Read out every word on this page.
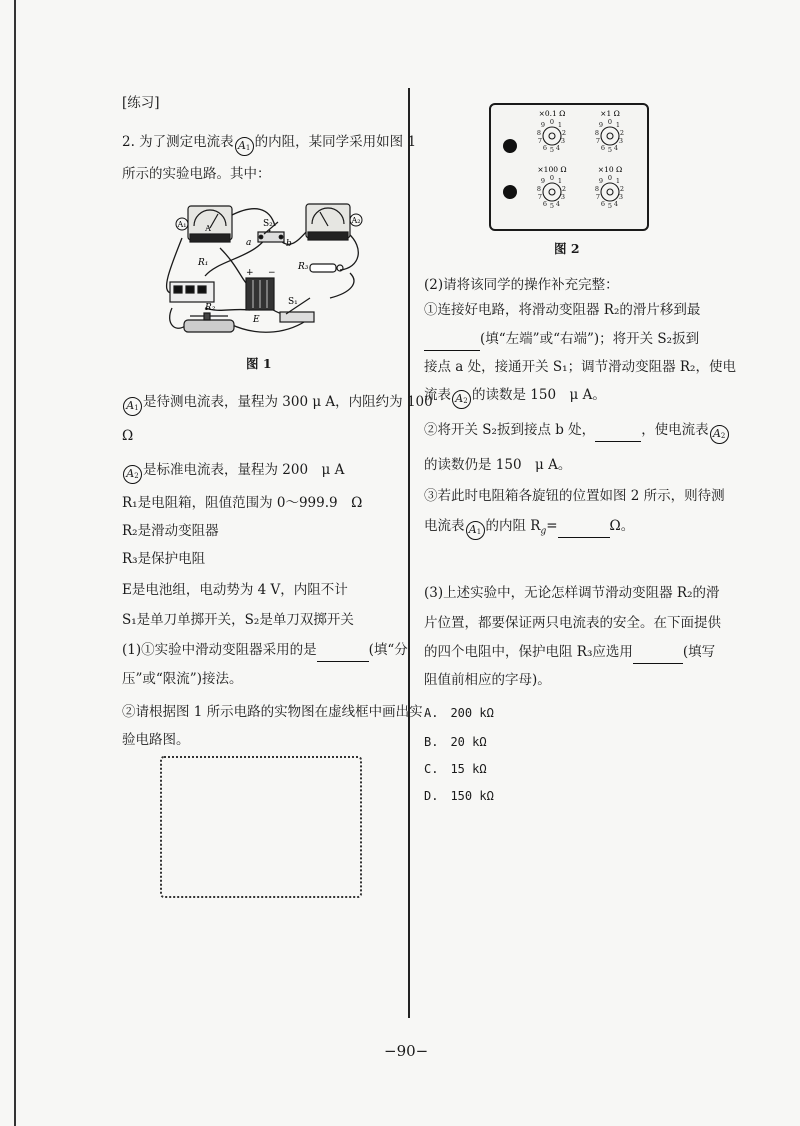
[练习]

2. 为了测定电流表 $A_1$ 的内阻，某同学采用如图 1

所示的实验电路。其中：

A₁ A
A₂
S₂
a	b
R₁
+ −
E
R₃
S₁
R₂
图 1

$A_1$ 是待测电流表，量程为 300 μ A，内阻约为 100

Ω

$A_2$ 是标准电流表，量程为 200　μ A

R₁是电阻箱，阻值范围为 0～999.9　Ω

R₂是滑动变阻器

R₃是保护电阻

E是电池组，电动势为 4 V，内阻不计

S₁是单刀单掷开关，S₂是单刀双掷开关

(1)①实验中滑动变阻器采用的是	(填“分

压”或“限流”)接法。

②请根据图 1 所示电路的实物图在虚线框中画出实

验电路图。

0 1
2
3
4
5
6
7
8
9	0 1
2
3
4
5
6
7
8
9
0 1
2
3
4
5
6
7
8
9	0 1
2
3
4
5
6
7
8
9
×0.1 Ω	×1 Ω
×100 Ω	×10 Ω
图 2

(2)请将该同学的操作补充完整：

①连接好电路，将滑动变阻器 R₂的滑片移到最

(填“左端”或“右端”)；将开关 S₂扳到

接点 a 处，接通开关 S₁；调节滑动变阻器 R₂，使电

流表 $A_2$ 的读数是 150　μ A。

②将开关 S₂扳到接点 b 处，	，使电流表 $A_2$

的读数仍是 150　μ A。

③若此时电阻箱各旋钮的位置如图 2 所示，则待测

电流表 $A_1$ 的内阻 $R_g=$	Ω。

(3)上述实验中，无论怎样调节滑动变阻器 R₂的滑

片位置，都要保证两只电流表的安全。在下面提供

的四个电阻中，保护电阻 R₃应选用	(填写

阻值前相应的字母)。

A.　200 kΩ

B.　20 kΩ

C.　15 kΩ

D.　150 kΩ

−90−
